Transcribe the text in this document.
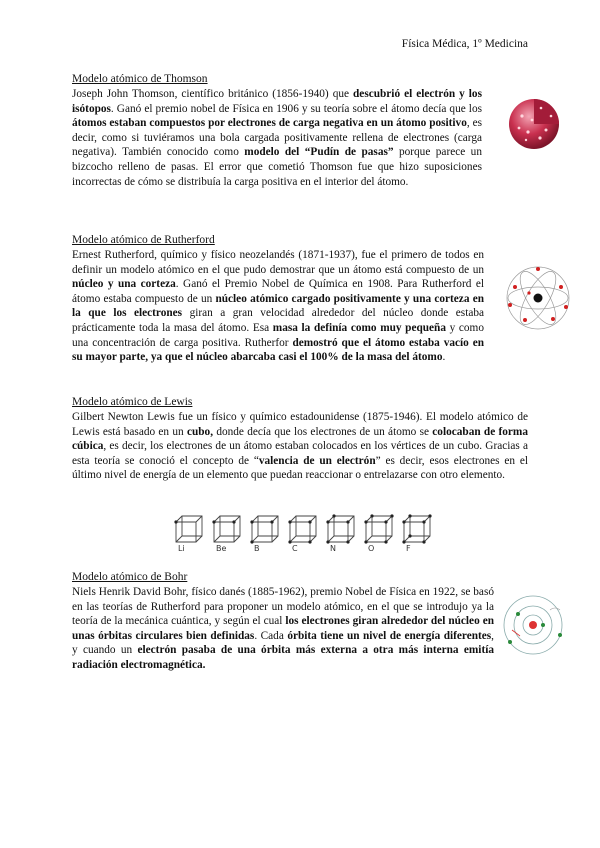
Física Médica, 1º Medicina
Modelo atómico de Thomson

Joseph John Thomson, científico británico (1856-1940) que descubrió el electrón y los isótopos. Ganó el premio nobel de Física en 1906 y su teoría sobre el átomo decía que los átomos estaban compuestos por electrones de carga negativa en un átomo positivo, es decir, como si tuviéramos una bola cargada positivamente rellena de electrones (carga negativa). También conocido como modelo del “Pudín de pasas” porque parece un bizcocho relleno de pasas. El error que cometió Thomson fue que hizo suposiciones incorrectas de cómo se distribuía la carga positiva en el interior del átomo.

Modelo atómico de Rutherford

Ernest Rutherford, químico y físico neozelandés (1871-1937), fue el primero de todos en definir un modelo atómico en el que pudo demostrar que un átomo está compuesto de un núcleo y una corteza. Ganó el Premio Nobel de Química en 1908. Para Rutherford el átomo estaba compuesto de un núcleo atómico cargado positivamente y una corteza en la que los electrones giran a gran velocidad alrededor del núcleo donde estaba prácticamente toda la masa del átomo. Esa masa la definía como muy pequeña y como una concentración de carga positiva. Rutherfor demostró que el átomo estaba vacío en su mayor parte, ya que el núcleo abarcaba casi el 100% de la masa del átomo.

Modelo atómico de Lewis

Gilbert Newton Lewis fue un físico y químico estadounidense (1875-1946). El modelo atómico de Lewis está basado en un cubo, donde decía que los electrones de un átomo se colocaban de forma cúbica, es decir, los electrones de un átomo estaban colocados en los vértices de un cubo. Gracias a esta teoría se conoció el concepto de “valencia de un electrón” es decir, esos electrones en el último nivel de energía de un elemento que puedan reaccionar o entrelazarse con otro elemento.

Li	Be	B	C	N	O	F
Modelo atómico de Bohr

Niels Henrik David Bohr, físico danés (1885-1962), premio Nobel de Física en 1922, se basó en las teorías de Rutherford para proponer un modelo atómico, en el que se introdujo ya la teoría de la mecánica cuántica, y según el cual los electrones giran alrededor del núcleo en unas órbitas circulares bien definidas. Cada órbita tiene un nivel de energía diferentes, y cuando un electrón pasaba de una órbita más externa a otra más interna emitía radiación electromagnética.
